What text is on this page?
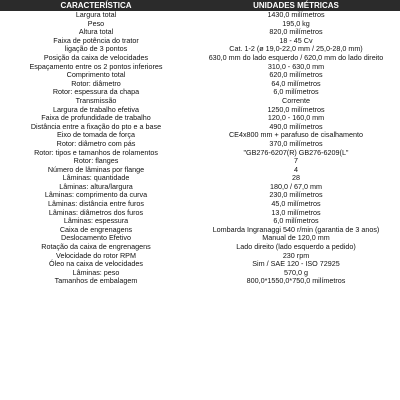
CARACTERÍSTICA	UNIDADES MÉTRICAS
Largura total	1430,0 milímetros
Peso	195,0 kg
Altura total	820,0 milímetros
Faixa de potência do trator	18 - 45 Cv
ligação de 3 pontos	Cat. 1-2 (ø 19,0-22,0 mm / 25,0-28,0 mm)
Posição da caixa de velocidades	630,0 mm do lado esquerdo / 620,0 mm do lado direito
Espaçamento entre os 2 pontos inferiores	310,0 - 630,0 mm
Comprimento total	620,0 milímetros
Rotor: diâmetro	64,0 milímetros
Rotor: espessura da chapa	6,0 milímetros
Transmissão	Corrente
Largura de trabalho efetiva	1250,0 milímetros
Faixa de profundidade de trabalho	120,0 - 160,0 mm
Distância entre a fixação do pto e a base	490,0 milímetros
Eixo de tomada de força	CE4x800 mm + parafuso de cisalhamento
Rotor: diâmetro com pás	370,0 milímetros
Rotor: tipos e tamanhos de rolamentos	"GB276-6207(R) GB276-6209(L"
Rotor: flanges	7
Número de lâminas por flange	4
Lâminas: quantidade	28
Lâminas: altura/largura	180,0 / 67,0 mm
Lâminas: comprimento da curva	230,0 milímetros
Lâminas: distância entre furos	45,0 milímetros
Lâminas: diâmetros dos furos	13,0 milímetros
Lâminas: espessura	6,0 milímetros
Caixa de engrenagens	Lombarda Ingranaggi 540 r/min (garantia de 3 anos)
Deslocamento Efetivo	Manual de 120,0 mm
Rotação da caixa de engrenagens	Lado direito (lado esquerdo a pedido)
Velocidade do rotor RPM	230 rpm
Óleo na caixa de velocidades	Sim / SAE 120 - ISO 72925
Lâminas: peso	570,0 g
Tamanhos de embalagem	800,0*1550,0*750,0 milímetros
